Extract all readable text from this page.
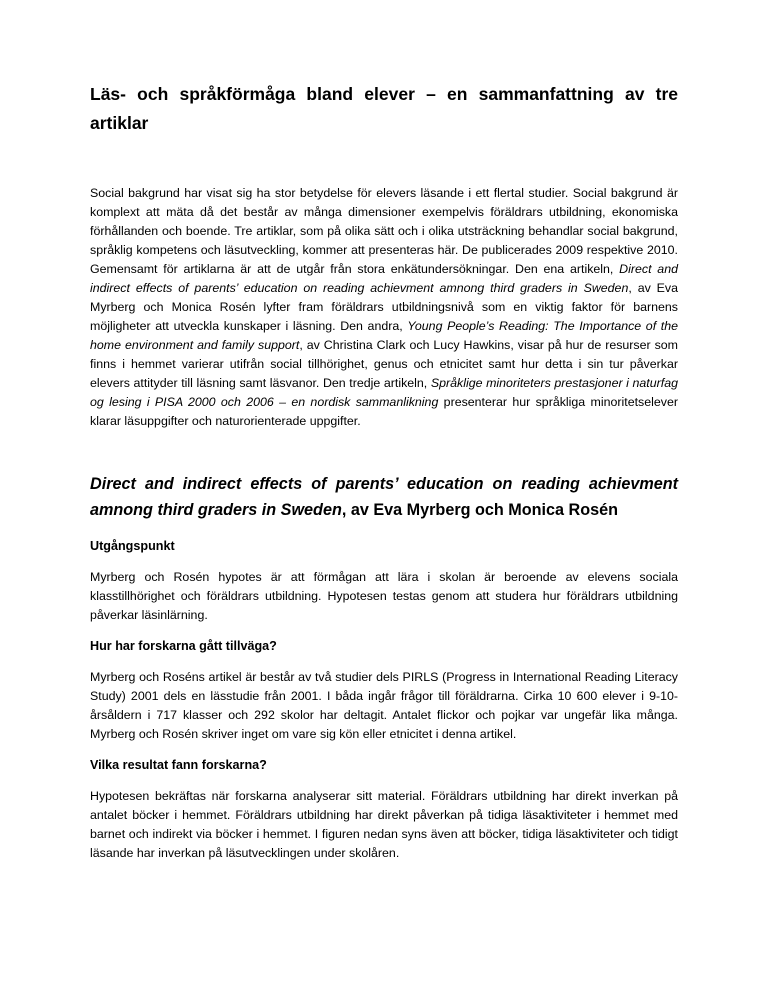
Läs- och språkförmåga bland elever – en sammanfattning av tre artiklar

Social bakgrund har visat sig ha stor betydelse för elevers läsande i ett flertal studier. Social bakgrund är komplext att mäta då det består av många dimensioner exempelvis föräldrars utbildning, ekonomiska förhållanden och boende. Tre artiklar, som på olika sätt och i olika utsträckning behandlar social bakgrund, språklig kompetens och läsutveckling, kommer att presenteras här. De publicerades 2009 respektive 2010. Gemensamt för artiklarna är att de utgår från stora enkätundersökningar. Den ena artikeln, Direct and indirect effects of parents’ education on reading achievment amnong third graders in Sweden, av Eva Myrberg och Monica Rosén lyfter fram föräldrars utbildningsnivå som en viktig faktor för barnens möjligheter att utveckla kunskaper i läsning. Den andra, Young People’s Reading: The Importance of the home environment and family support, av Christina Clark och Lucy Hawkins, visar på hur de resurser som finns i hemmet varierar utifrån social tillhörighet, genus och etnicitet samt hur detta i sin tur påverkar elevers attityder till läsning samt läsvanor. Den tredje artikeln, Språklige minoriteters prestasjoner i naturfag og lesing i PISA 2000 och 2006 – en nordisk sammanlikning presenterar hur språkliga minoritetselever klarar läsuppgifter och naturorienterade uppgifter.

Direct and indirect effects of parents’ education on reading achievment amnong third graders in Sweden, av Eva Myrberg och Monica Rosén
Utgångspunkt

Myrberg och Rosén hypotes är att förmågan att lära i skolan är beroende av elevens sociala klasstillhörighet och föräldrars utbildning. Hypotesen testas genom att studera hur föräldrars utbildning påverkar läsinlärning.

Hur har forskarna gått tillväga?

Myrberg och Roséns artikel är består av två studier dels PIRLS (Progress in International Reading Literacy Study) 2001 dels en lässtudie från 2001. I båda ingår frågor till föräldrarna. Cirka 10 600 elever i 9-10-årsåldern i 717 klasser och 292 skolor har deltagit. Antalet flickor och pojkar var ungefär lika många. Myrberg och Rosén skriver inget om vare sig kön eller etnicitet i denna artikel.

Vilka resultat fann forskarna?

Hypotesen bekräftas när forskarna analyserar sitt material. Föräldrars utbildning har direkt inverkan på antalet böcker i hemmet. Föräldrars utbildning har direkt påverkan på tidiga läsaktiviteter i hemmet med barnet och indirekt via böcker i hemmet. I figuren nedan syns även att böcker, tidiga läsaktiviteter och tidigt läsande har inverkan på läsutvecklingen under skolåren.
